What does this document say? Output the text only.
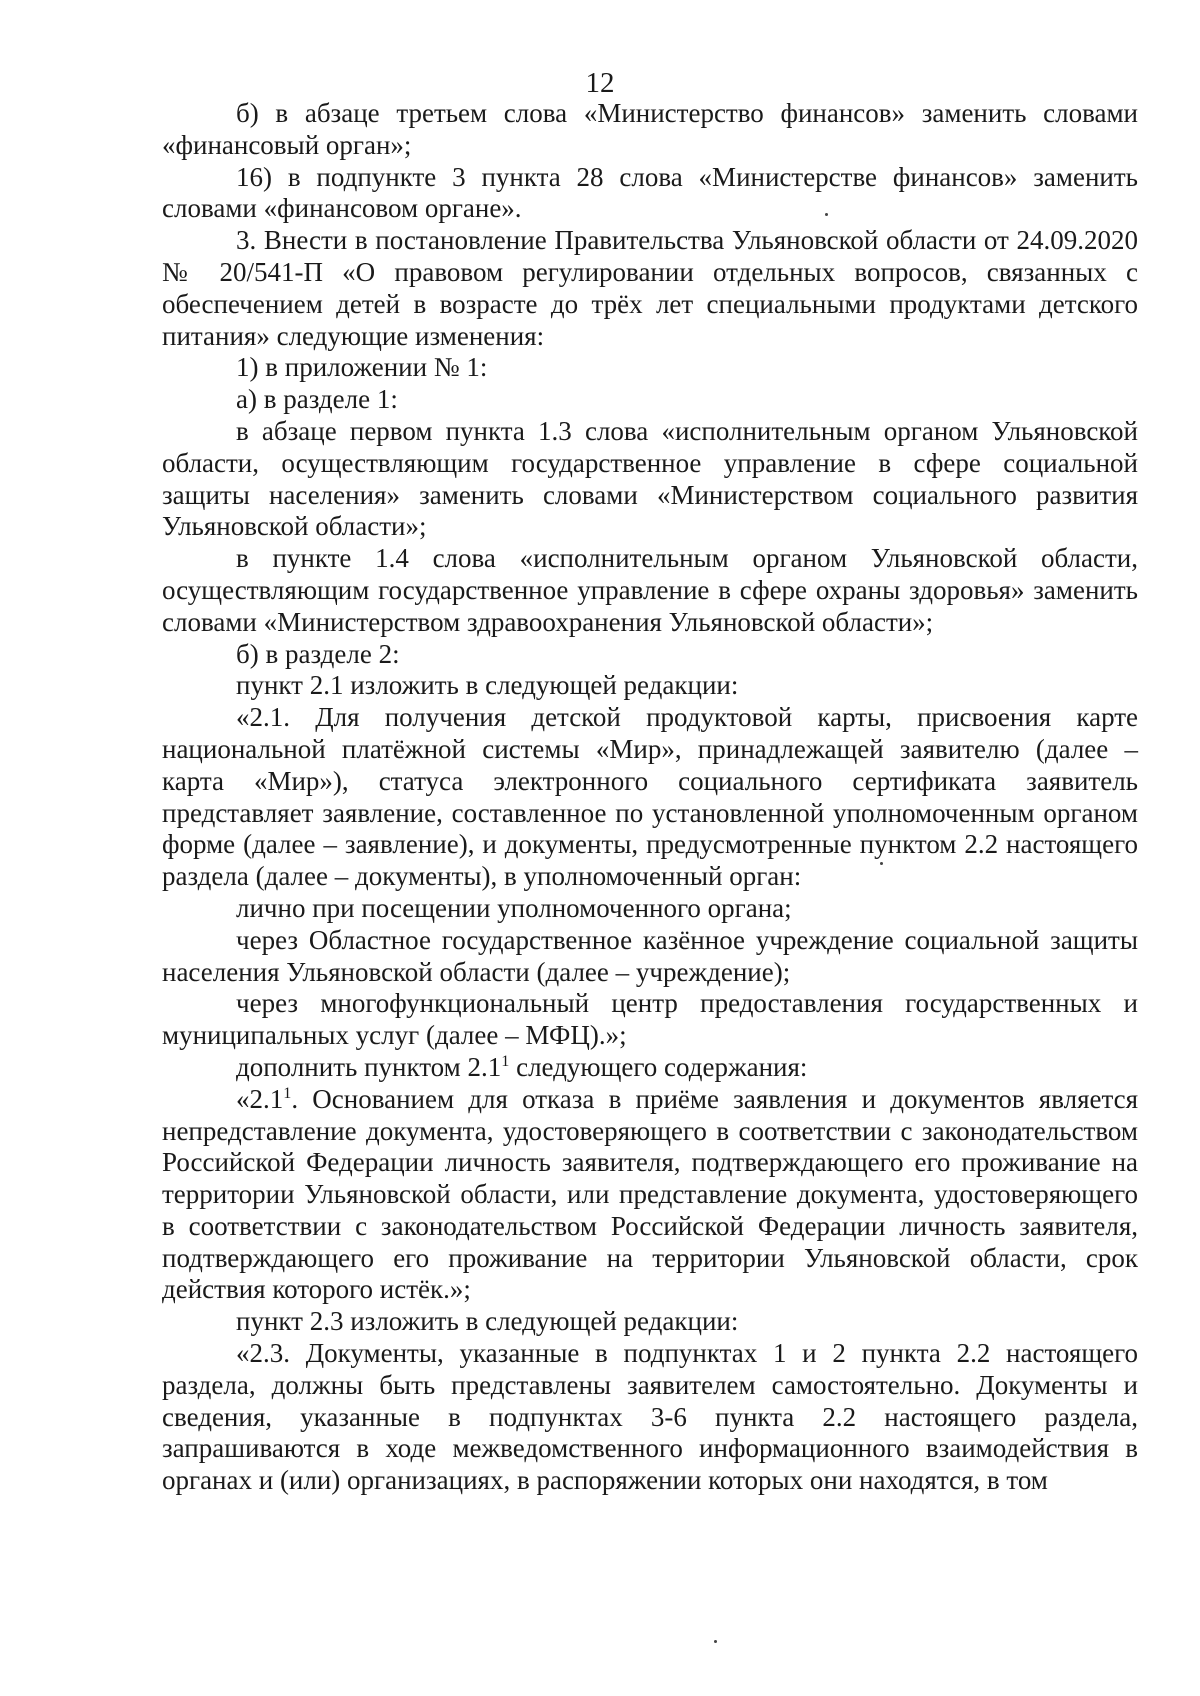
12

б) в абзаце третьем слова «Министерство финансов» заменить словами «финансовый орган»;

16) в подпункте 3 пункта 28 слова «Министерстве финансов» заменить словами «финансовом органе».

3. Внести в постановление Правительства Ульяновской области от 24.09.2020 № 20/541-П «О правовом регулировании отдельных вопросов, связанных с обеспечением детей в возрасте до трёх лет специальными продуктами детского питания» следующие изменения:

1) в приложении № 1:

а) в разделе 1:

в абзаце первом пункта 1.3 слова «исполнительным органом Ульяновской области, осуществляющим государственное управление в сфере социальной защиты населения» заменить словами «Министерством социального развития Ульяновской области»;

в пункте 1.4 слова «исполнительным органом Ульяновской области, осуществляющим государственное управление в сфере охраны здоровья» заменить словами «Министерством здравоохранения Ульяновской области»;

б) в разделе 2:

пункт 2.1 изложить в следующей редакции:

«2.1. Для получения детской продуктовой карты, присвоения карте национальной платёжной системы «Мир», принадлежащей заявителю (далее – карта «Мир»), статуса электронного социального сертификата заявитель представляет заявление, составленное по установленной уполномоченным органом форме (далее – заявление), и документы, предусмотренные пунктом 2.2 настоящего раздела (далее – документы), в уполномоченный орган:

лично при посещении уполномоченного органа;

через Областное государственное казённое учреждение социальной защиты населения Ульяновской области (далее – учреждение);

через многофункциональный центр предоставления государственных и муниципальных услуг (далее – МФЦ).»;

дополнить пунктом $2.1^1$ следующего содержания:

«$2.1^1$. Основанием для отказа в приёме заявления и документов является непредставление документа, удостоверяющего в соответствии с законодательством Российской Федерации личность заявителя, подтверждающего его проживание на территории Ульяновской области, или представление документа, удостоверяющего в соответствии с законодательством Российской Федерации личность заявителя, подтверждающего его проживание на территории Ульяновской области, срок действия которого истёк.»;

пункт 2.3 изложить в следующей редакции:

«2.3. Документы, указанные в подпунктах 1 и 2 пункта 2.2 настоящего раздела, должны быть представлены заявителем самостоятельно. Документы и сведения, указанные в подпунктах 3-6 пункта 2.2 настоящего раздела, запрашиваются в ходе межведомственного информационного взаимодействия в органах и (или) организациях, в распоряжении которых они находятся, в том
